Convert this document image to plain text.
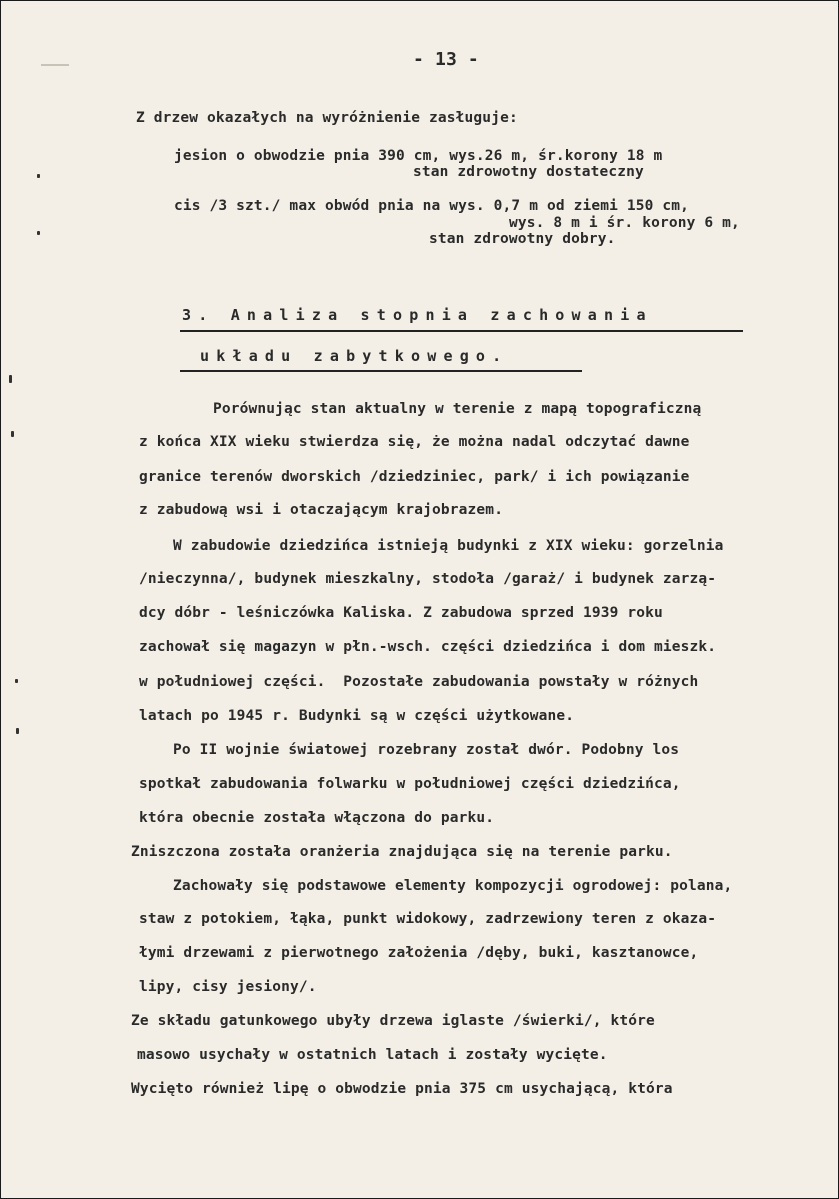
- 13 -
Z drzew okazałych na wyróżnienie zasługuje:
jesion o obwodzie pnia 390 cm, wys.26 m, śr.korony 18 m
stan zdrowotny dostateczny
cis /3 szt./ max obwód pnia na wys. 0,7 m od ziemi 150 cm,
wys. 8 m i śr. korony 6 m,
stan zdrowotny dobry.
3. Analiza stopnia zachowania
układu zabytkowego.
Porównując stan aktualny w terenie z mapą topograficzną
z końca XIX wieku stwierdza się, że można nadal odczytać dawne
granice terenów dworskich /dziedziniec, park/ i ich powiązanie
z zabudową wsi i otaczającym krajobrazem.
W zabudowie dziedzińca istnieją budynki z XIX wieku: gorzelnia
/nieczynna/, budynek mieszkalny, stodoła /garaż/ i budynek zarzą-
dcy dóbr - leśniczówka Kaliska. Z zabudowa sprzed 1939 roku
zachował się magazyn w płn.-wsch. części dziedzińca i dom mieszk.
w południowej części.  Pozostałe zabudowania powstały w różnych
latach po 1945 r. Budynki są w części użytkowane.
Po II wojnie światowej rozebrany został dwór. Podobny los
spotkał zabudowania folwarku w południowej części dziedzińca,
która obecnie została włączona do parku.
Zniszczona została oranżeria znajdująca się na terenie parku.
Zachowały się podstawowe elementy kompozycji ogrodowej: polana,
staw z potokiem, łąka, punkt widokowy, zadrzewiony teren z okaza-
łymi drzewami z pierwotnego założenia /dęby, buki, kasztanowce,
lipy, cisy jesiony/.
Ze składu gatunkowego ubyły drzewa iglaste /świerki/, które
masowo usychały w ostatnich latach i zostały wycięte.
Wycięto również lipę o obwodzie pnia 375 cm usychającą, która
